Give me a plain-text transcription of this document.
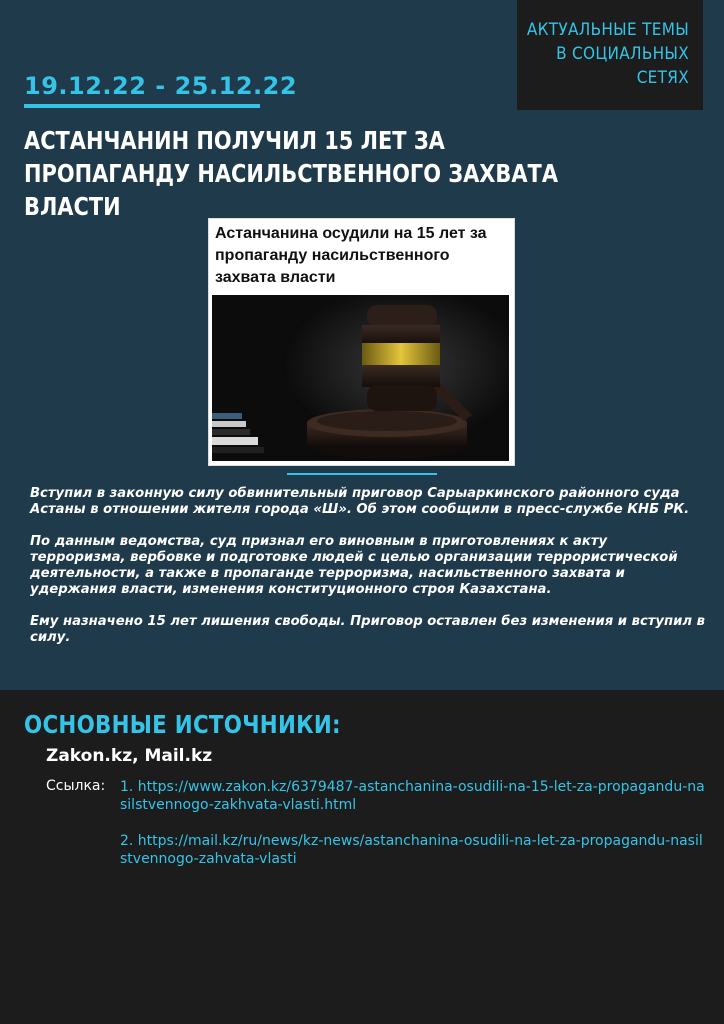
АКТУАЛЬНЫЕ ТЕМЫ
В СОЦИАЛЬНЫХ
СЕТЯХ
19.12.22 - 25.12.22
АСТАНЧАНИН ПОЛУЧИЛ 15 ЛЕТ ЗА ПРОПАГАНДУ НАСИЛЬСТВЕННОГО ЗАХВАТА ВЛАСТИ
Астанчанина осудили на 15 лет за пропаганду насильственного захвата власти

Вступил в законную силу обвинительный приговор Сарыаркинского районного суда Астаны в отношении жителя города «Ш». Об этом сообщили в пресс-службе КНБ РК.

По данным ведомства, суд признал его виновным в приготовлениях к акту терроризма, вербовке и подготовке людей с целью организации террористической деятельности, а также в пропаганде терроризма, насильственного захвата и удержания власти, изменения конституционного строя Казахстана.

Ему назначено 15 лет лишения свободы. Приговор оставлен без изменения и вступил в силу.

ОСНОВНЫЕ ИСТОЧНИКИ:
Zakon.kz, Mail.kz
Ссылка: 1. https://www.zakon.kz/6379487-astanchanina-osudili-na-15-let-za-propagandu-nasilstvennogo-zakhvata-vlasti.html
2. https://mail.kz/ru/news/kz-news/astanchanina-osudili-na-let-za-propagandu-nasilstvennogo-zahvata-vlasti
